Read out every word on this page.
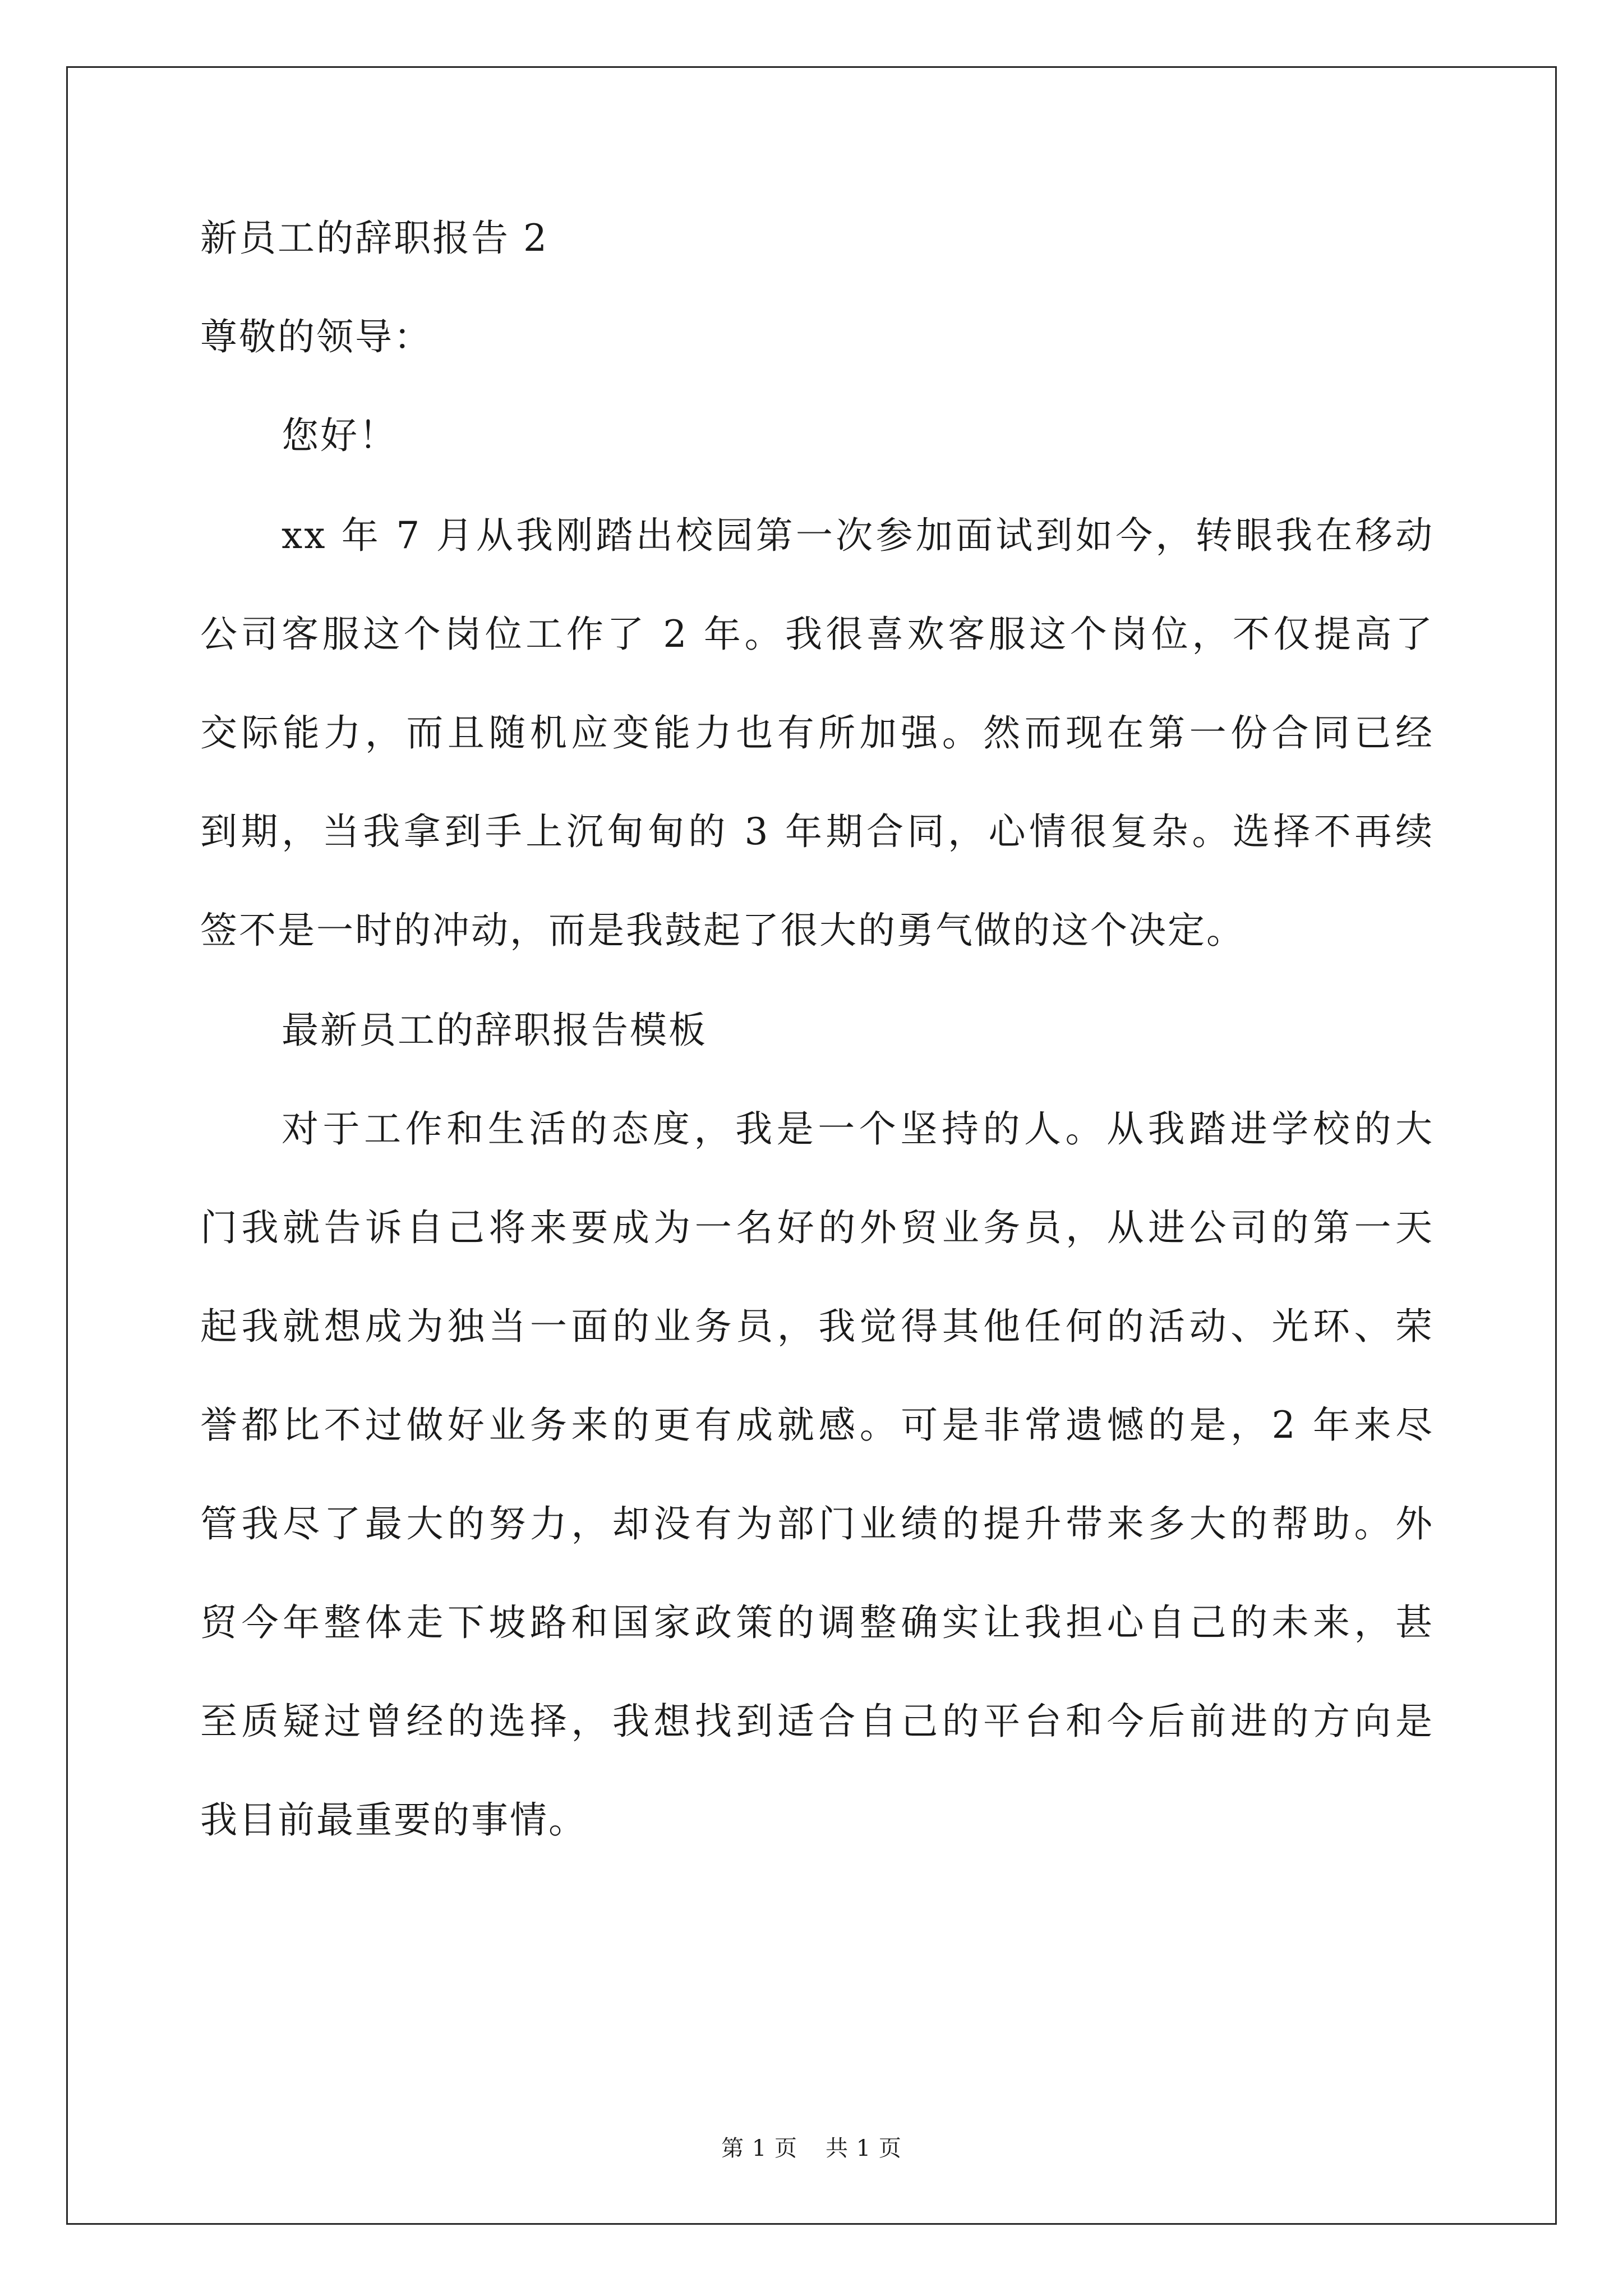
新员工的辞职报告 2
尊敬的领导：
您好！
xx 年 7 月从我刚踏出校园第一次参加面试到如今，转眼我在移动
公司客服这个岗位工作了 2 年。我很喜欢客服这个岗位，不仅提高了
交际能力，而且随机应变能力也有所加强。然而现在第一份合同已经
到期，当我拿到手上沉甸甸的 3 年期合同，心情很复杂。选择不再续
签不是一时的冲动，而是我鼓起了很大的勇气做的这个决定。
最新员工的辞职报告模板
对于工作和生活的态度，我是一个坚持的人。从我踏进学校的大
门我就告诉自己将来要成为一名好的外贸业务员，从进公司的第一天
起我就想成为独当一面的业务员，我觉得其他任何的活动、光环、荣
誉都比不过做好业务来的更有成就感。可是非常遗憾的是，2 年来尽
管我尽了最大的努力，却没有为部门业绩的提升带来多大的帮助。外
贸今年整体走下坡路和国家政策的调整确实让我担心自己的未来，甚
至质疑过曾经的选择，我想找到适合自己的平台和今后前进的方向是
我目前最重要的事情。
第 1 页 共 1 页
